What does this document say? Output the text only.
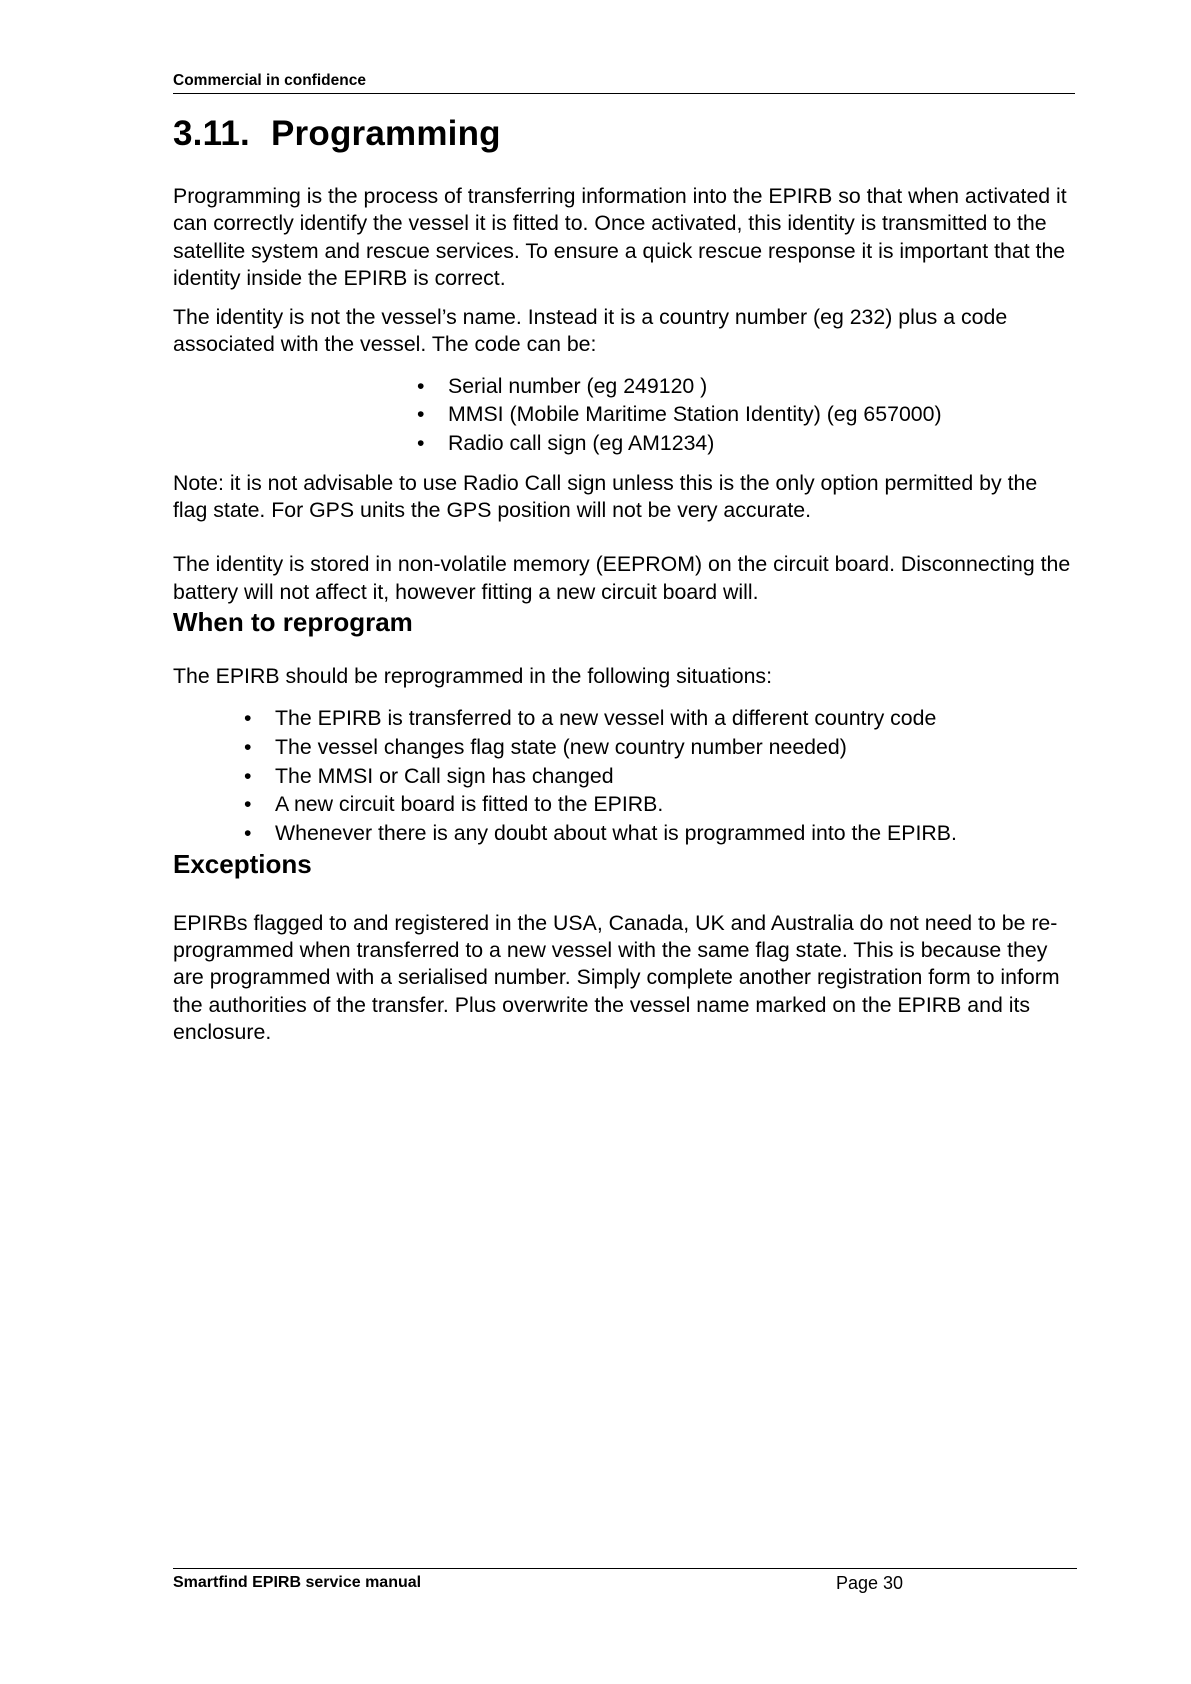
Commercial in confidence
3.11. Programming

Programming is the process of transferring information into the EPIRB so that when activated it can correctly identify the vessel it is fitted to. Once activated, this identity is transmitted to the satellite system and rescue services. To ensure a quick rescue response it is important that the identity inside the EPIRB is correct.

The identity is not the vessel’s name. Instead it is a country number (eg 232) plus a code associated with the vessel. The code can be:

• Serial number (eg 249120 )
• MMSI (Mobile Maritime Station Identity) (eg 657000)
• Radio call sign (eg AM1234)

Note: it is not advisable to use Radio Call sign unless this is the only option permitted by the flag state. For GPS units the GPS position will not be very accurate.

The identity is stored in non-volatile memory (EEPROM) on the circuit board. Disconnecting the battery will not affect it, however fitting a new circuit board will.

When to reprogram

The EPIRB should be reprogrammed in the following situations:

• The EPIRB is transferred to a new vessel with a different country code
• The vessel changes flag state (new country number needed)
• The MMSI or Call sign has changed
• A new circuit board is fitted to the EPIRB.
• Whenever there is any doubt about what is programmed into the EPIRB.
Exceptions

EPIRBs flagged to and registered in the USA, Canada, UK and Australia do not need to be re-programmed when transferred to a new vessel with the same flag state. This is because they are programmed with a serialised number. Simply complete another registration form to inform the authorities of the transfer. Plus overwrite the vessel name marked on the EPIRB and its enclosure.

Smartfind EPIRB service manual	Page 30
